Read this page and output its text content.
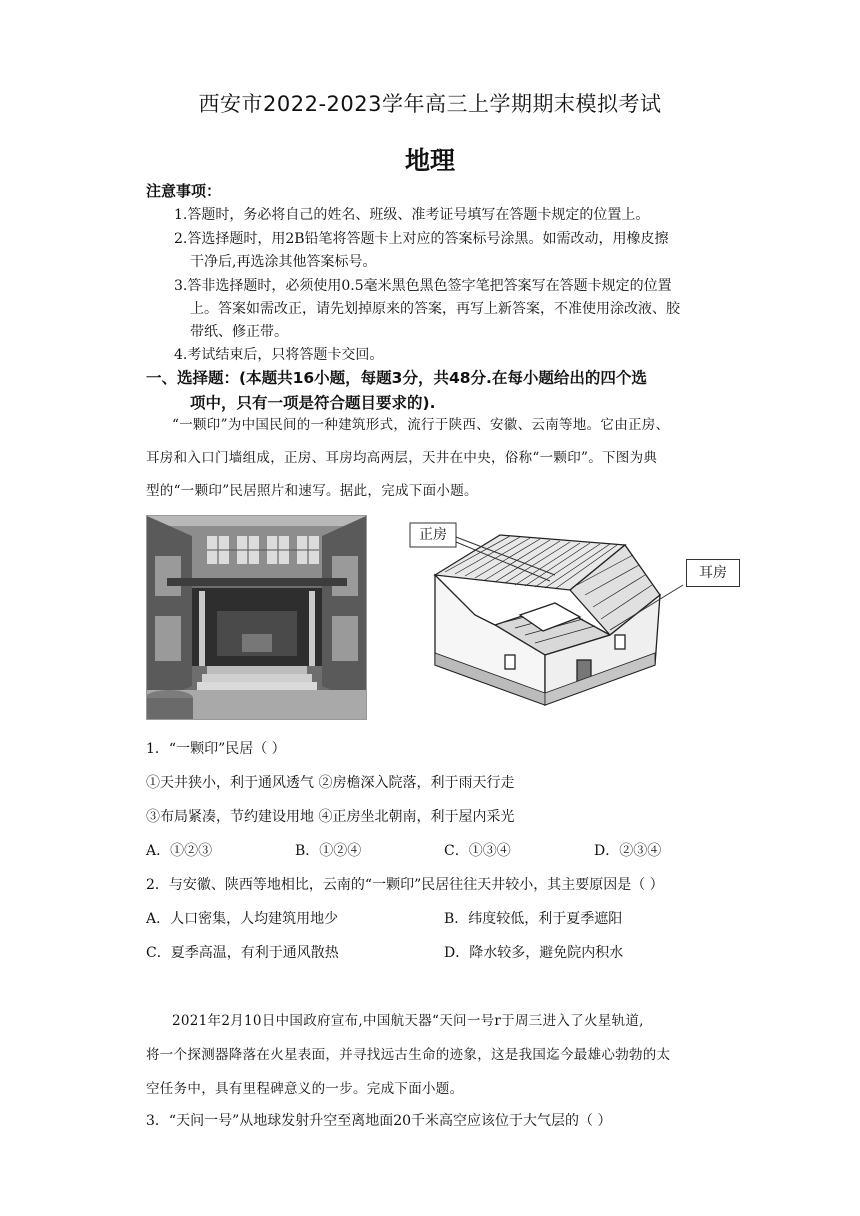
西安市2022-2023学年高三上学期期末模拟考试
地理
注意事项：
1.答题时，务必将自己的姓名、班级、准考证号填写在答题卡规定的位置上。
2.答选择题时，用2B铅笔将答题卡上对应的答案标号涂黑。如需改动，用橡皮擦
干净后,再选涂其他答案标号。
3.答非选择题时，必须使用0.5毫米黑色黑色签字笔把答案写在答题卡规定的位置
上。答案如需改正，请先划掉原来的答案，再写上新答案，不准使用涂改液、胶
带纸、修正带。
4.考试结束后，只将答题卡交回。
一、选择题：(本题共16小题，每题3分，共48分.在每小题给出的四个选
项中，只有一项是符合题目要求的).
“一颗印”为中国民间的一种建筑形式，流行于陕西、安徽、云南等地。它由正房、
耳房和入口门墙组成，正房、耳房均高两层，天井在中央，俗称“一颗印”。下图为典
型的“一颗印”民居照片和速写。据此，完成下面小题。
正房
耳房
1．“一颗印”民居（ ）
①天井狭小，利于通风透气 ②房檐深入院落，利于雨天行走
③布局紧凑，节约建设用地 ④正房坐北朝南，利于屋内采光
A．①②③	B．①②④	C．①③④	D．②③④
2．与安徽、陕西等地相比，云南的“一颗印”民居往往天井较小，其主要原因是（ ）
A．人口密集，人均建筑用地少	B．纬度较低，利于夏季遮阳
C．夏季高温，有利于通风散热	D．降水较多，避免院内积水
2021年2月10日中国政府宣布,中国航天器“天问一号r于周三进入了火星轨道,
将一个探测器降落在火星表面，并寻找远古生命的迹象，这是我国迄今最雄心勃勃的太
空任务中，具有里程碑意义的一步。完成下面小题。
3．“天问一号”从地球发射升空至离地面20千米高空应该位于大气层的（ ）
